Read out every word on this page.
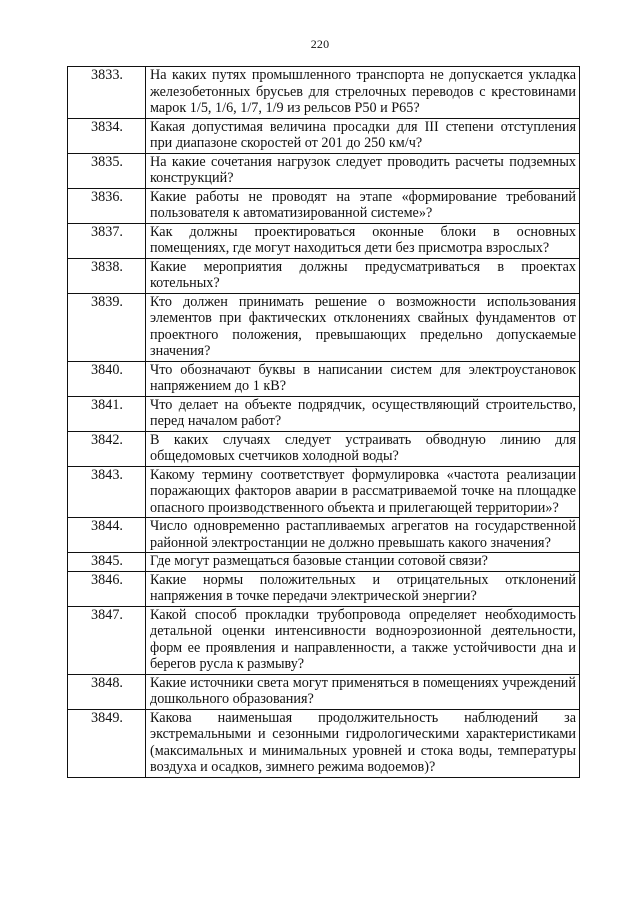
220
3833.	На каких путях промышленного транспорта не допускается укладка железобетонных брусьев для стрелочных переводов с крестовинами марок 1/5, 1/6, 1/7, 1/9 из рельсов Р50 и Р65?
3834.	Какая допустимая величина просадки для III степени отступления при диапазоне скоростей от 201 до 250 км/ч?
3835.	На какие сочетания нагрузок следует проводить расчеты подземных конструкций?
3836.	Какие работы не проводят на этапе «формирование требований пользователя к автоматизированной системе»?
3837.	Как должны проектироваться оконные блоки в основных помещениях, где могут находиться дети без присмотра взрослых?
3838.	Какие мероприятия должны предусматриваться в проектах котельных?
3839.	Кто должен принимать решение о возможности использования элементов при фактических отклонениях свайных фундаментов от проектного положения, превышающих предельно допускаемые значения?
3840.	Что обозначают буквы в написании систем для электроустановок напряжением до 1 кВ?
3841.	Что делает на объекте подрядчик, осуществляющий строительство, перед началом работ?
3842.	В каких случаях следует устраивать обводную линию для общедомовых счетчиков холодной воды?
3843.	Какому термину соответствует формулировка «частота реализации поражающих факторов аварии в рассматриваемой точке на площадке опасного производственного объекта и прилегающей территории»?
3844.	Число одновременно растапливаемых агрегатов на государственной районной электростанции не должно превышать какого значения?
3845.	Где могут размещаться базовые станции сотовой связи?
3846.	Какие нормы положительных и отрицательных отклонений напряжения в точке передачи электрической энергии?
3847.	Какой способ прокладки трубопровода определяет необходимость детальной оценки интенсивности водноэрозионной деятельности, форм ее проявления и направленности, а также устойчивости дна и берегов русла к размыву?
3848.	Какие источники света могут применяться в помещениях учреждений дошкольного образования?
3849.	Какова наименьшая продолжительность наблюдений за экстремальными и сезонными гидрологическими характеристиками (максимальных и минимальных уровней и стока воды, температуры воздуха и осадков, зимнего режима водоемов)?
